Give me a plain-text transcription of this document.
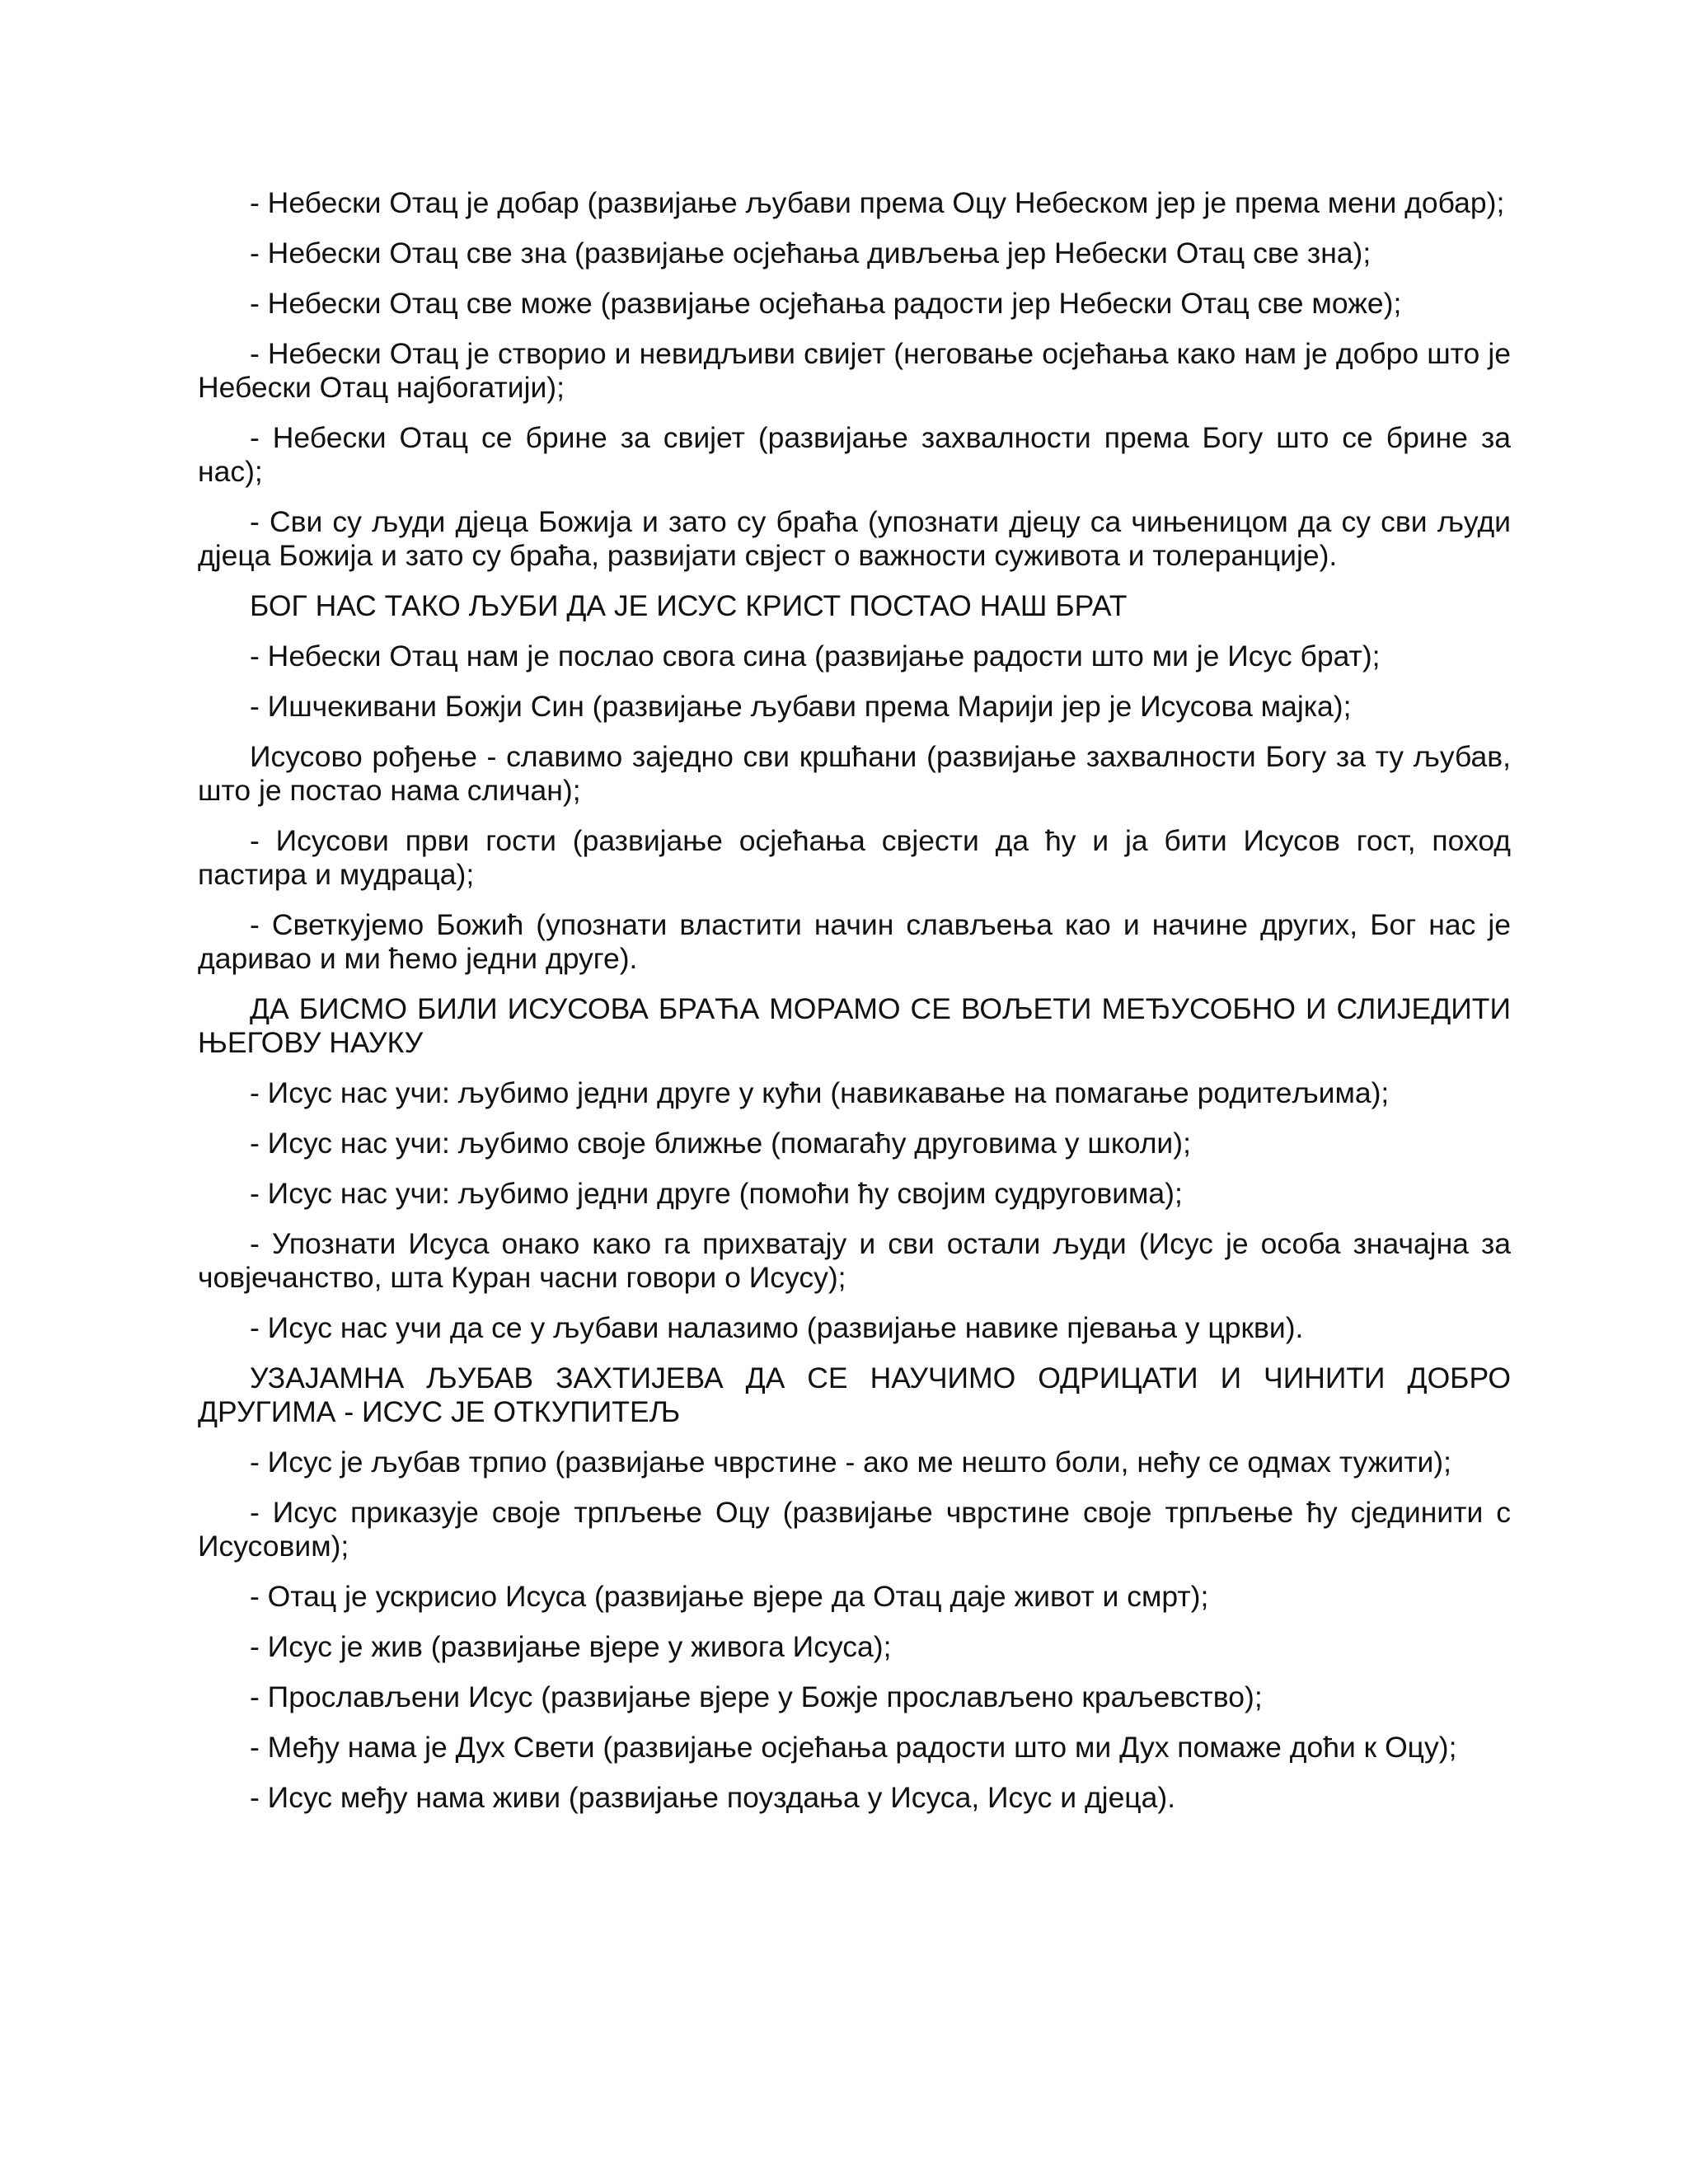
- Небески Отац је добар (развијање љубави према Оцу Небеском јер је према мени добар);

- Небески Отац све зна (развијање осјећања дивљења јер Небески Отац све зна);

- Небески Отац све може (развијање осјећања радости јер Небески Отац све може);

- Небески Отац је створио и невидљиви свијет (неговање осјећања како нам је добро што је Небески Отац најбогатији);

- Небески Отац се брине за свијет (развијање захвалности према Богу што се брине за нас);

- Сви су људи дјеца Божија и зато су браћа (упознати дјецу са чињеницом да су сви људи дјеца Божија и зато су браћа, развијати свјест о важности суживота и толеранције).

БОГ НАС ТАКО ЉУБИ ДА ЈЕ ИСУС КРИСТ ПОСТАО НАШ БРАТ

- Небески Отац нам је послао свога сина (развијање радости што ми је Исус брат);

- Ишчекивани Божји Син (развијање љубави према Марији јер је Исусова мајка);

Исусово рођење - славимо заједно сви кршћани (развијање захвалности Богу за ту љубав, што је постао нама сличан);

- Исусови први гости (развијање осјећања свјести да ћу и ја бити Исусов гост, поход пастира и мудраца);

- Светкујемо Божић (упознати властити начин слављења као и начине других, Бог нас је даривао и ми ћемо једни друге).

ДА БИСМО БИЛИ ИСУСОВА БРАЋА МОРАМО СЕ ВОЉЕТИ МЕЂУСОБНО И СЛИЈЕДИТИ ЊЕГОВУ НАУКУ

- Исус нас учи: љубимо једни друге у кући (навикавање на помагање родитељима);

- Исус нас учи: љубимо своје ближње (помагаћу друговима у школи);

- Исус нас учи: љубимо једни друге (помоћи ћу својим судруговима);

- Упознати Исуса онако како га прихватају и сви остали људи (Исус је особа значајна за човјечанство, шта Куран часни говори о Исусу);

- Исус нас учи да се у љубави налазимо (развијање навике пјевања у цркви).

УЗАЈАМНА ЉУБАВ ЗАХТИЈЕВА ДА СЕ НАУЧИМО ОДРИЦАТИ И ЧИНИТИ ДОБРО ДРУГИМА - ИСУС ЈЕ ОТКУПИТЕЉ

- Исус је љубав трпио (развијање чврстине - ако ме нешто боли, нећу се одмах тужити);

- Исус приказује своје трпљење Оцу (развијање чврстине своје трпљење ћу сјединити с Исусовим);

- Отац је ускрисио Исуса (развијање вјере да Отац даје живот и смрт);

- Исус је жив (развијање вјере у живога Исуса);

- Прослављени Исус (развијање вјере у Божје прослављено краљевство);

- Међу нама је Дух Свети (развијање осјећања радости што ми Дух помаже доћи к Оцу);

- Исус међу нама живи (развијање поуздања у Исуса, Исус и дјеца).
